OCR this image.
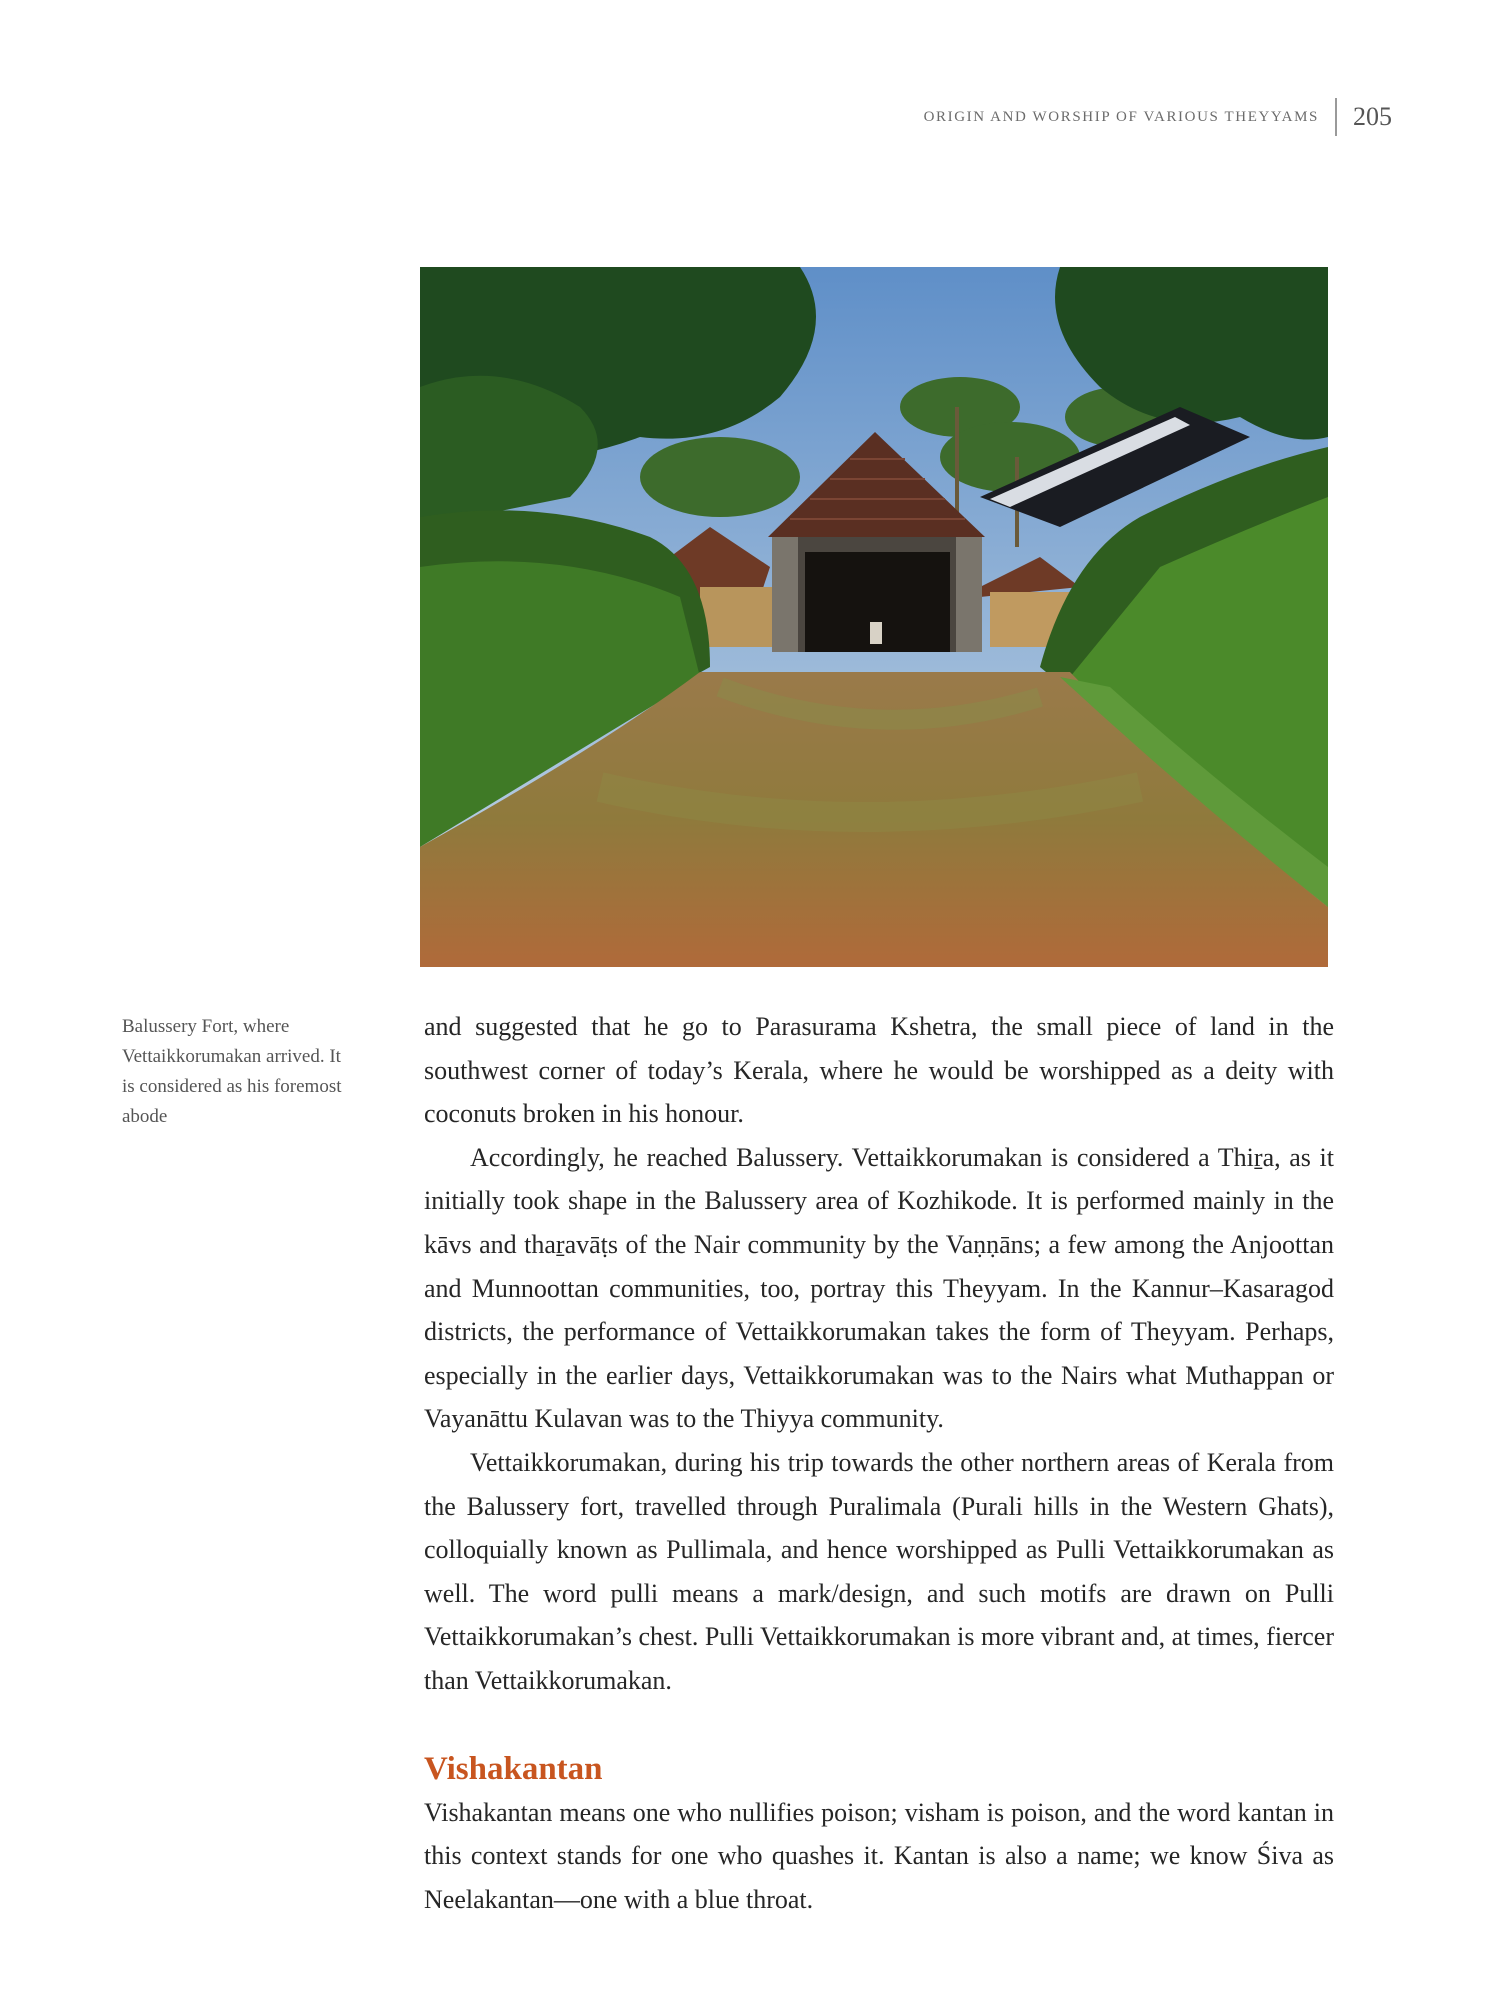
ORIGIN AND WORSHIP OF VARIOUS THEYYAMS 205
Balussery Fort, where Vettaikkorumakan arrived. It is considered as his foremost abode

and suggested that he go to Parasurama Kshetra, the small piece of land in the southwest corner of today’s Kerala, where he would be worshipped as a deity with coconuts broken in his honour.

Accordingly, he reached Balussery. Vettaikkorumakan is considered a Thiṟa, as it initially took shape in the Balussery area of Kozhikode. It is performed mainly in the kāvs and thaṟavāṭs of the Nair community by the Vaṇṇāns; a few among the Anjoottan and Munnoottan communities, too, portray this Theyyam. In the Kannur–Kasaragod districts, the performance of Vettaikkorumakan takes the form of Theyyam. Perhaps, especially in the earlier days, Vettaikkorumakan was to the Nairs what Muthappan or Vayanāttu Kulavan was to the Thiyya community.

Vettaikkorumakan, during his trip towards the other northern areas of Kerala from the Balussery fort, travelled through Puralimala (Purali hills in the Western Ghats), colloquially known as Pullimala, and hence worshipped as Pulli Vettaikkorumakan as well. The word pulli means a mark/design, and such motifs are drawn on Pulli Vettaikkorumakan’s chest. Pulli Vettaikkorumakan is more vibrant and, at times, fiercer than Vettaikkorumakan.

Vishakantan

Vishakantan means one who nullifies poison; visham is poison, and the word kantan in this context stands for one who quashes it. Kantan is also a name; we know Śiva as Neelakantan—one with a blue throat.
